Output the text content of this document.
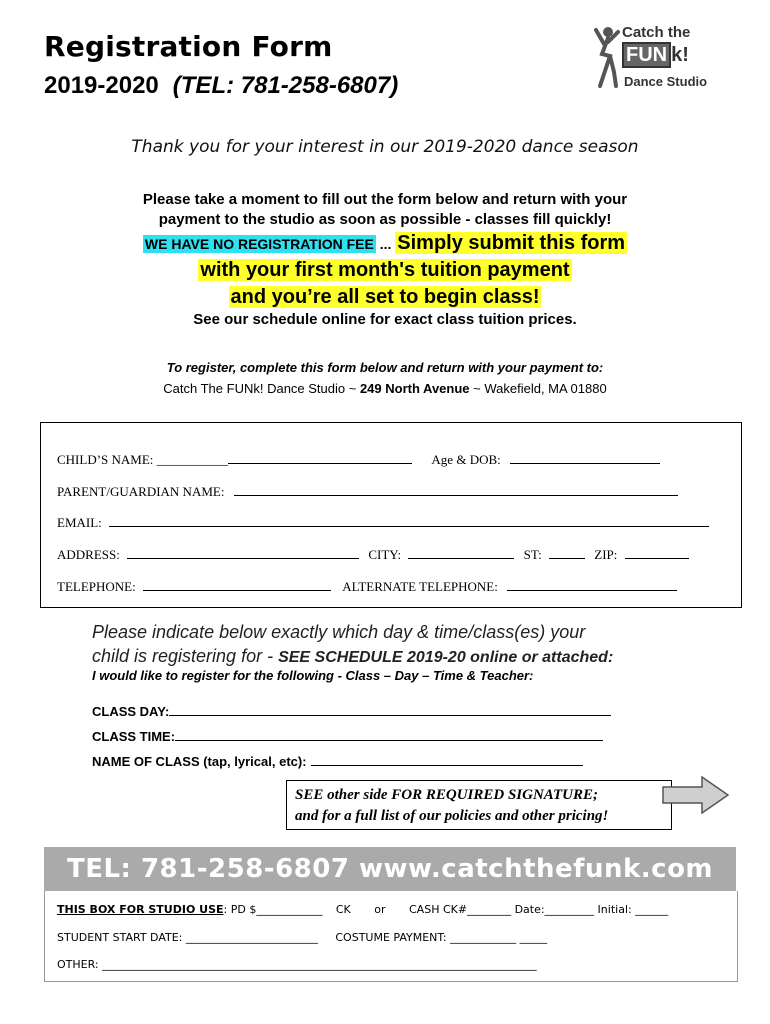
Registration Form
2019-2020 (TEL: 781-258-6807)
Catch the
FUN k!
Dance Studio
Thank you for your interest in our 2019-2020 dance season
Please take a moment to fill out the form below and return with your
payment to the studio as soon as possible - classes fill quickly!
WE HAVE NO REGISTRATION FEE ... Simply submit this form
with your first month's tuition payment
and you’re all set to begin class!
See our schedule online for exact class tuition prices.
To register, complete this form below and return with your payment to:
Catch The FUNk! Dance Studio ~ 249 North Avenue ~ Wakefield, MA 01880
CHILD’S NAME: ___________	Age & DOB:
PARENT/GUARDIAN NAME:
EMAIL:
ADDRESS:	CITY:	ST:	ZIP:
TELEPHONE:	ALTERNATE TELEPHONE:
Please indicate below exactly which day & time/class(es) your
child is registering for - SEE SCHEDULE 2019-20 online or attached:
I would like to register for the following - Class – Day – Time & Teacher:
CLASS DAY:
CLASS TIME:
NAME OF CLASS (tap, lyrical, etc):
SEE other side FOR REQUIRED SIGNATURE;
and for a full list of our policies and other pricing!
TEL: 781-258-6807 www.catchthefunk.com
THIS BOX FOR STUDIO USE: PD $____________ CK or CASH CK#________ Date:_________ Initial: ______
STUDENT START DATE: ________________________ COSTUME PAYMENT: ____________ _____
OTHER: _______________________________________________________________________________
